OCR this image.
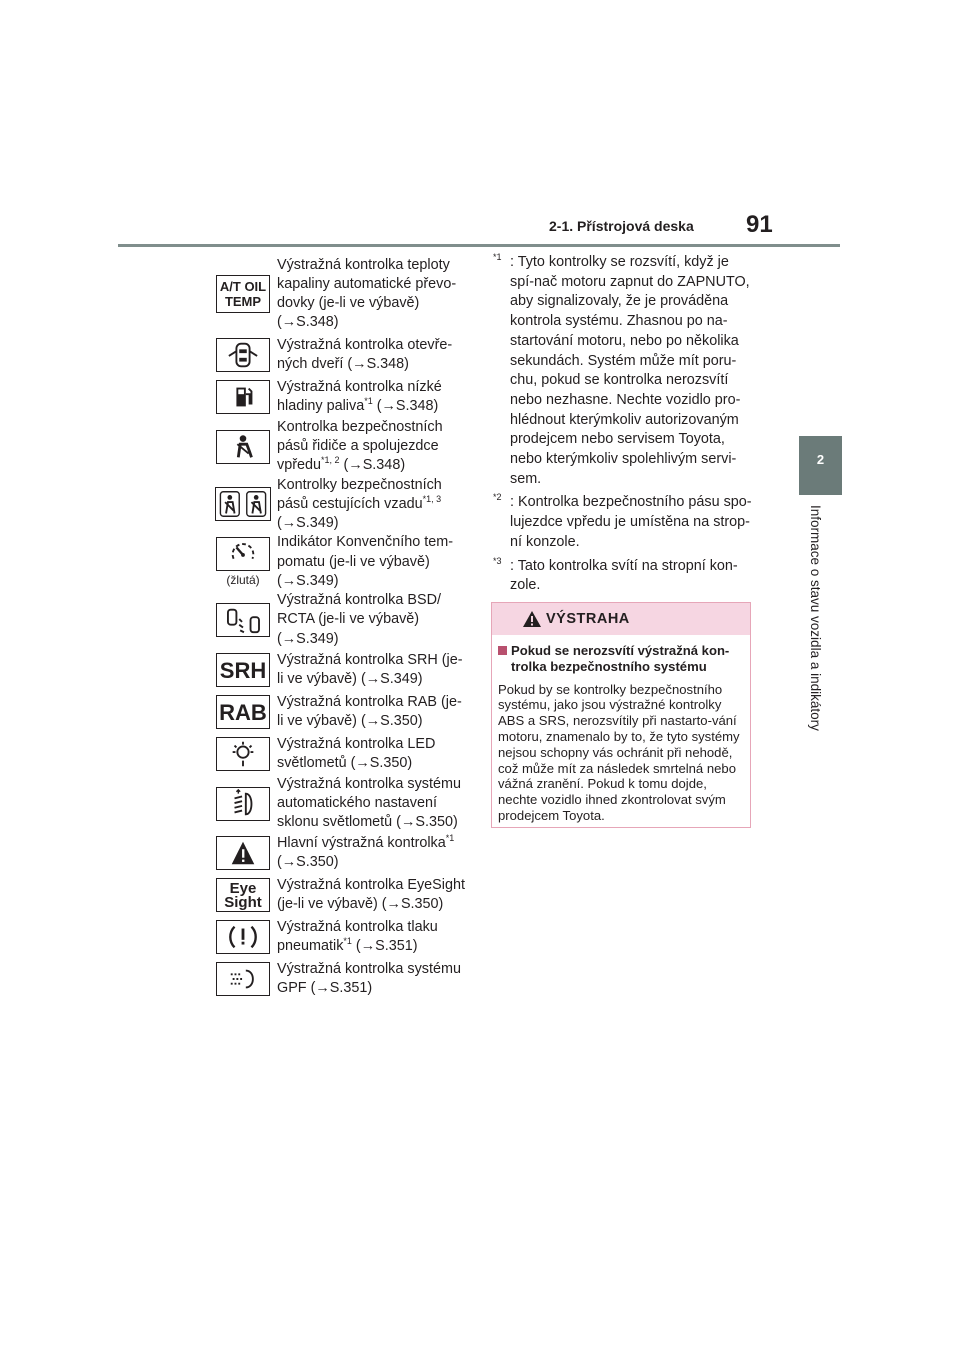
2-1. Přístrojová deska 91
2
Informace o stavu vozidla a indikátory
A/T OIL
TEMP	Výstražná kontrolka teploty kapaliny automatické převo-dovky (je-li ve výbavě) (→S.348)

	Výstražná kontrolka otevře-ných dveří (→S.348)

	Výstražná kontrolka nízké hladiny paliva$^{*1}$ (→S.348)

	Kontrolka bezpečnostních pásů řidiče a spolujezdce vpředu$^{*1, 2}$ (→S.348)

	Kontrolky bezpečnostních pásů cestujících vzadu$^{*1, 3}$ (→S.349)

(žlutá)	Indikátor Konvenčního tem-pomatu (je-li ve výbavě) (→S.349)

	Výstražná kontrolka BSD/ RCTA (je-li ve výbavě) (→S.349)

SRH	Výstražná kontrolka SRH (je-li ve výbavě) (→S.349)

RAB	Výstražná kontrolka RAB (je-li ve výbavě) (→S.350)

	Výstražná kontrolka LED světlometů (→S.350)

	Výstražná kontrolka systému automatického nastavení sklonu světlometů (→S.350)

	Hlavní výstražná kontrolka$^{*1}$ (→S.350)

Eye
Sight	Výstražná kontrolka EyeSight (je-li ve výbavě) (→S.350)

	Výstražná kontrolka tlaku pneumatik$^{*1}$ (→S.351)

	Výstražná kontrolka systému GPF (→S.351)
$^{*1}$ : Tyto kontrolky se rozsvítí, když je spí-nač motoru zapnut do ZAPNUTO, aby signalizovaly, že je prováděna kontrola systému. Zhasnou po na-startování motoru, nebo po několika sekundách. Systém může mít poru-chu, pokud se kontrolka nerozsvítí nebo nezhasne. Nechte vozidlo pro-hlédnout kterýmkoliv autorizovaným prodejcem nebo servisem Toyota, nebo kterýmkoliv spolehlivým servi-sem.
$^{*2}$ : Kontrolka bezpečnostního pásu spo-lujezdce vpředu je umístěna na strop-ní konzole.
$^{*3}$ : Tato kontrolka svítí na stropní kon-zole.
VÝSTRAHA
Pokud se nerozsvítí výstražná kon-trolka bezpečnostního systému
Pokud by se kontrolky bezpečnostního systému, jako jsou výstražné kontrolky ABS a SRS, nerozsvítily při nastarto-vání motoru, znamenalo by to, že tyto systémy nejsou schopny vás ochránit při nehodě, což může mít za následek smrtelná nebo vážná zranění. Pokud k tomu dojde, nechte vozidlo ihned zkontrolovat svým prodejcem Toyota.
